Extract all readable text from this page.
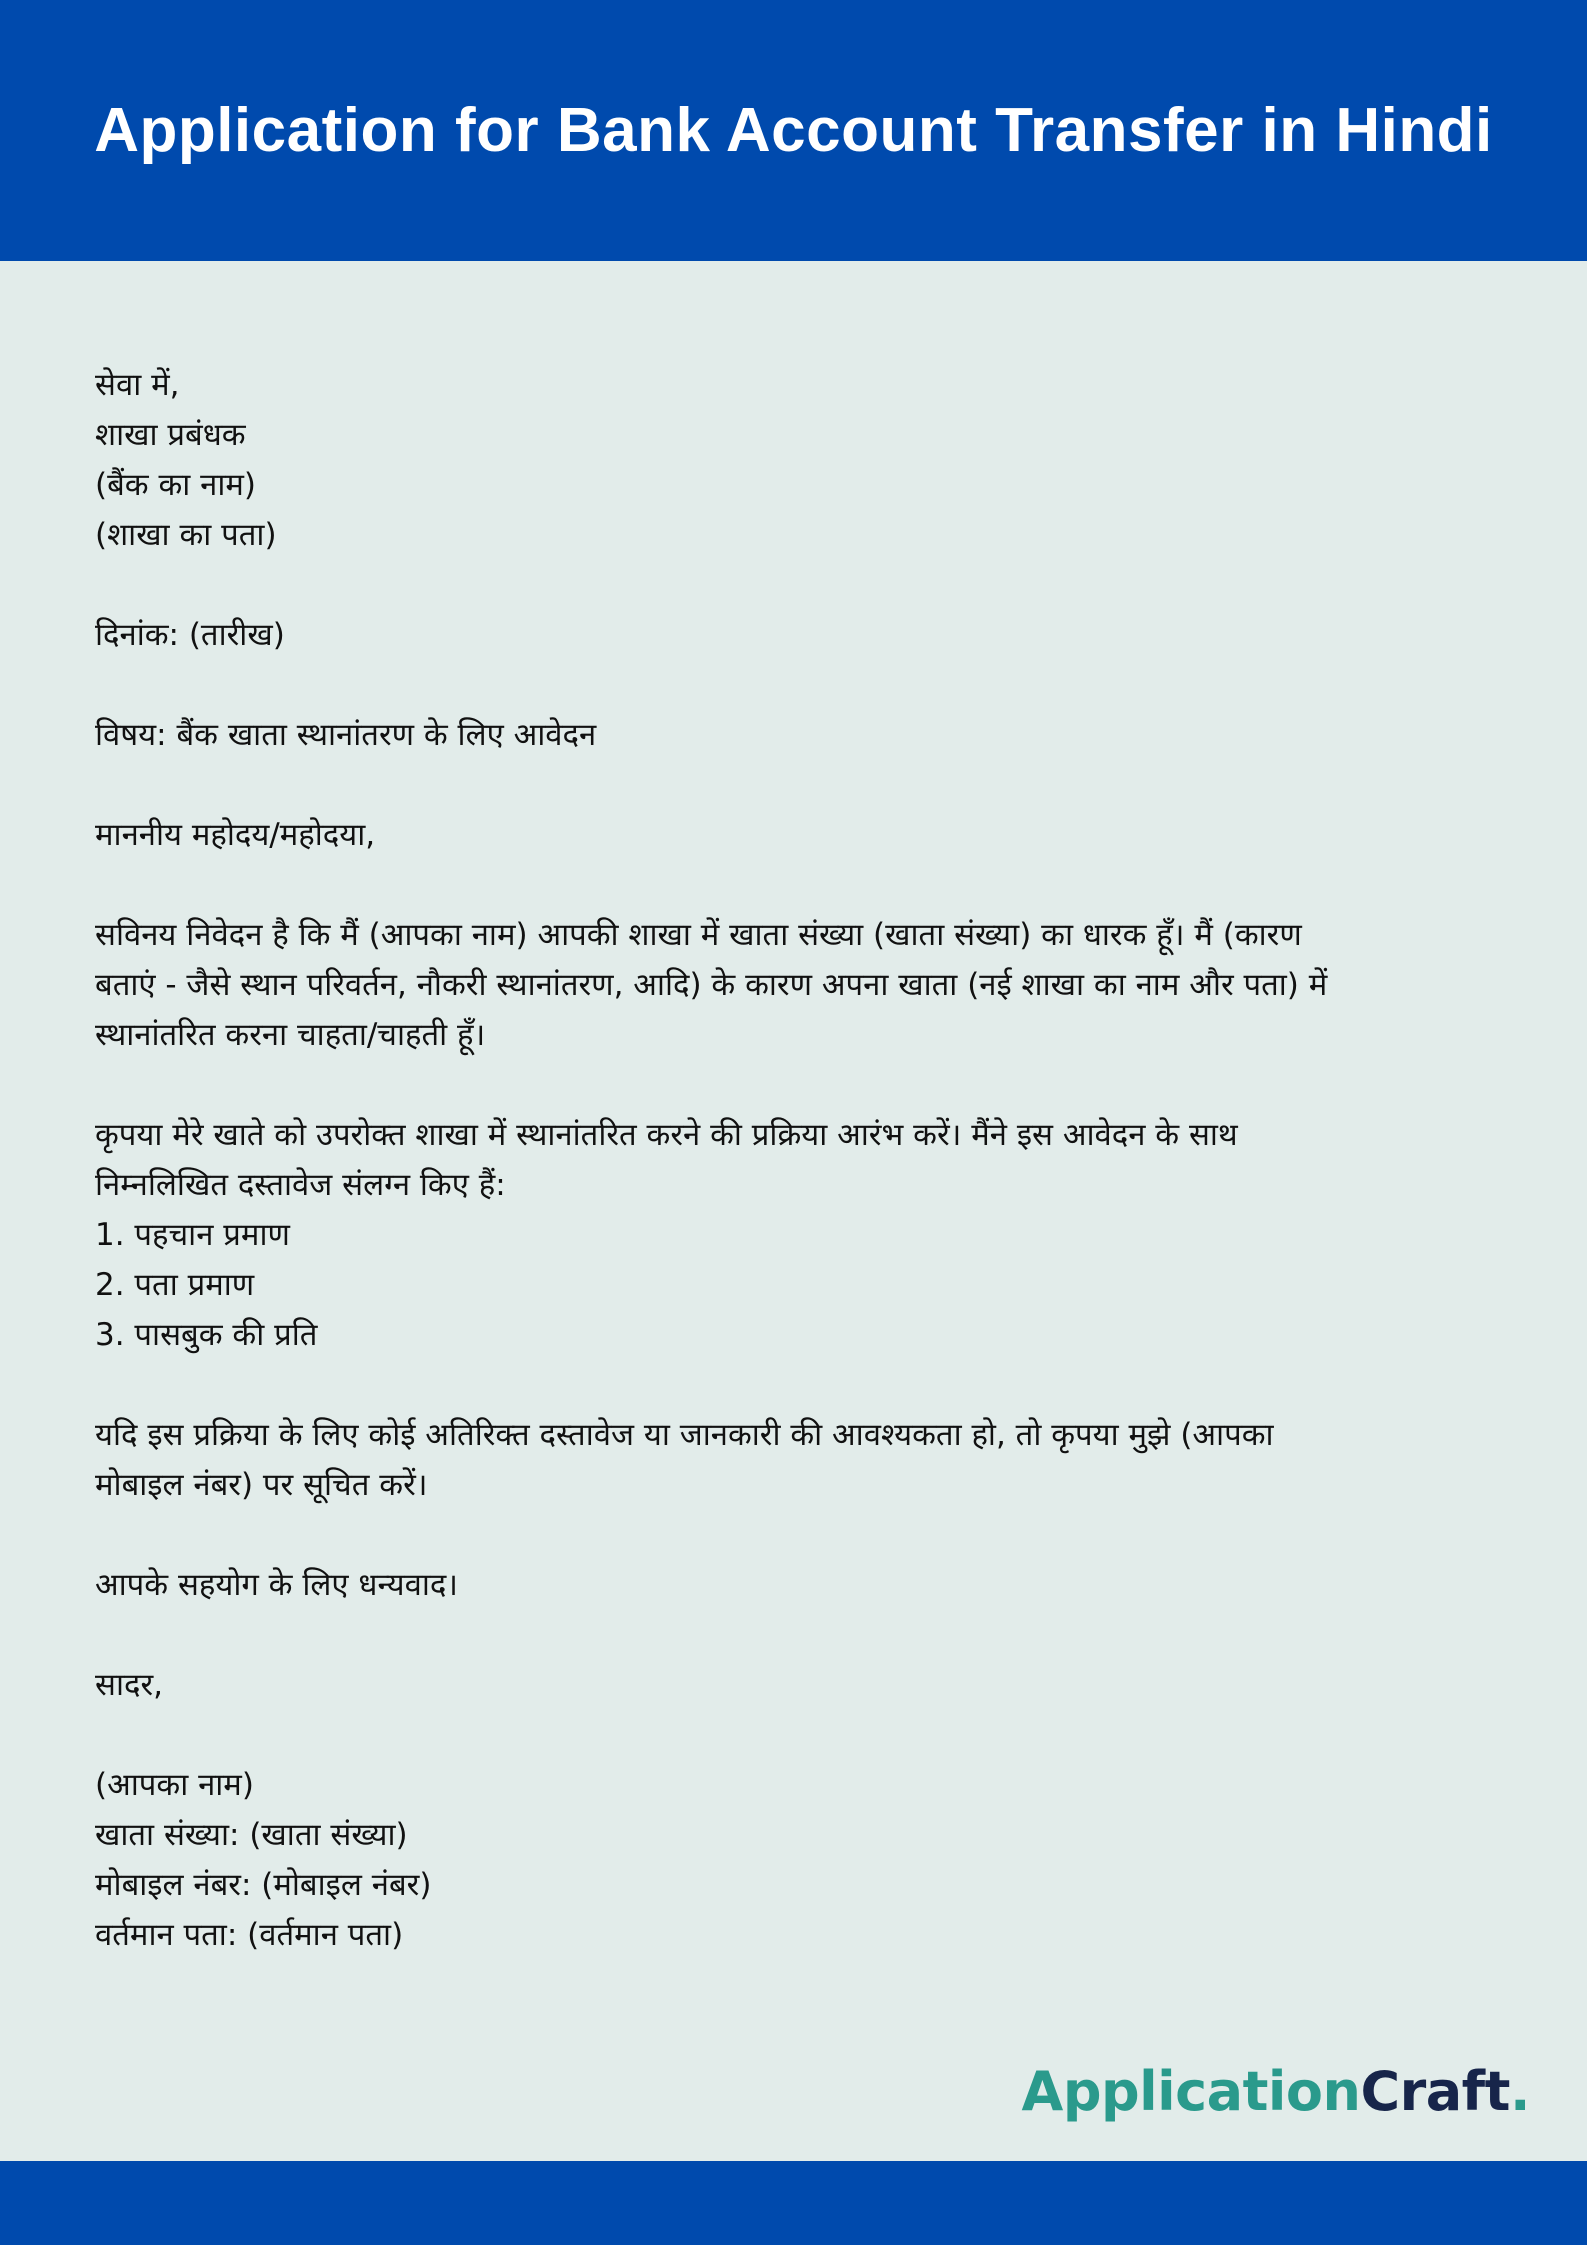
Application for Bank Account Transfer in Hindi
सेवा में,
शाखा प्रबंधक
(बैंक का नाम)
(शाखा का पता)
दिनांक: (तारीख)
विषय: बैंक खाता स्थानांतरण के लिए आवेदन
माननीय महोदय/महोदया,
सविनय निवेदन है कि मैं (आपका नाम) आपकी शाखा में खाता संख्या (खाता संख्या) का धारक हूँ। मैं (कारण
बताएं - जैसे स्थान परिवर्तन, नौकरी स्थानांतरण, आदि) के कारण अपना खाता (नई शाखा का नाम और पता) में
स्थानांतरित करना चाहता/चाहती हूँ।
कृपया मेरे खाते को उपरोक्त शाखा में स्थानांतरित करने की प्रक्रिया आरंभ करें। मैंने इस आवेदन के साथ
निम्नलिखित दस्तावेज संलग्न किए हैं:
1. पहचान प्रमाण
2. पता प्रमाण
3. पासबुक की प्रति
यदि इस प्रक्रिया के लिए कोई अतिरिक्त दस्तावेज या जानकारी की आवश्यकता हो, तो कृपया मुझे (आपका
मोबाइल नंबर) पर सूचित करें।
आपके सहयोग के लिए धन्यवाद।
सादर,
(आपका नाम)
खाता संख्या: (खाता संख्या)
मोबाइल नंबर: (मोबाइल नंबर)
वर्तमान पता: (वर्तमान पता)
ApplicationCraft.
